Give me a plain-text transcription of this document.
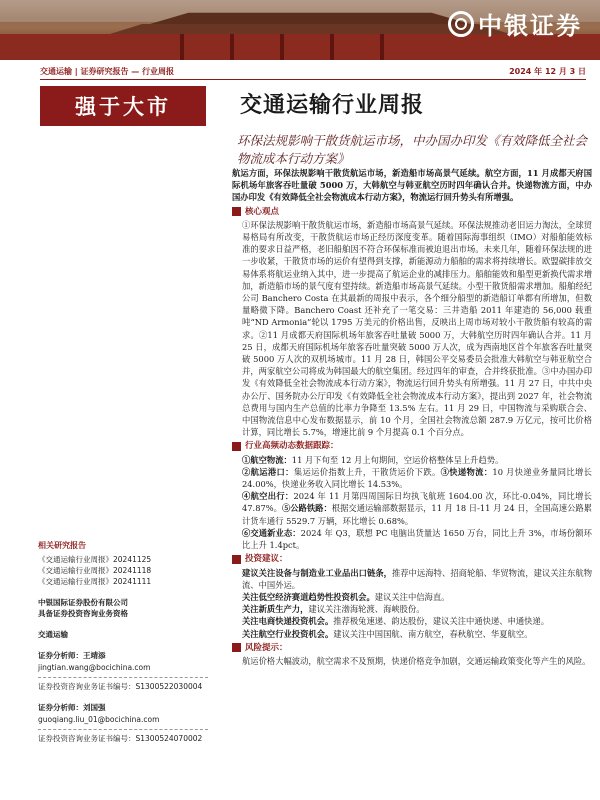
中银证券
交通运输 | 证券研究报告 — 行业周报	2024 年 12 月 3 日
强于大市	交通运输行业周报
环保法规影响干散货航运市场，中办国办印发《有效降低全社会物流成本行动方案》
相关研究报告
《交通运输行业周报》20241125
《交通运输行业周报》20241118
《交通运输行业周报》20241111
中银国际证券股份有限公司
具备证券投资咨询业务资格
交通运输
证券分析师：王靖添
jingtian.wang@bocichina.com
证券投资咨询业务证书编号：S1300522030004
证券分析师：刘国强
guoqiang.liu_01@bocichina.com
证券投资咨询业务证书编号：S1300524070002

航运方面，环保法规影响干散货航运市场，新造船市场高景气延续。航空方面，11 月成都天府国际机场年旅客吞吐量破 5000 万，大韩航空与韩亚航空历时四年确认合并。快递物流方面，中办国办印发《有效降低全社会物流成本行动方案》，物流运行回升势头有所增强。

核心观点

①环保法规影响干散货航运市场，新造船市场高景气延续。环保法规推动老旧运力淘汰，全球贸易格局有所改变，干散货航运市场正经历深度变革。随着国际海事组织（IMO）对船舶能效标准的要求日益严格，老旧船舶因不符合环保标准而被迫退出市场。未来几年，随着环保法规的进一步收紧，干散货市场的运价有望得到支撑，新能源动力船舶的需求将持续增长。欧盟碳排放交易体系将航运业纳入其中，进一步提高了航运企业的减排压力。船舶能效和船型更新换代需求增加，新造船市场的景气度有望持续。新造船市场高景气延续。小型干散货船需求增加。船舶经纪公司 Banchero Costa 在其最新的周报中表示，各个细分船型的新造船订单都有所增加，但数量略微下降。Banchero Coast 还补充了一笔交易：三井造船 2011 年建造的 56,000 载重吨“ND Armonia”轮以 1795 万美元的价格出售，反映出上周市场对较小干散货船有较高的需求。②11 月成都天府国际机场年旅客吞吐量破 5000 万，大韩航空历时四年确认合并。11 月 25 日，成都天府国际机场年旅客吞吐量突破 5000 万人次，成为西南地区首个年旅客吞吐量突破 5000 万人次的双机场城市。11 月 28 日，韩国公平交易委员会批准大韩航空与韩亚航空合并，两家航空公司将成为韩国最大的航空集团。经过四年的审查，合并终获批准。③中办国办印发《有效降低全社会物流成本行动方案》，物流运行回升势头有所增强。11 月 27 日，中共中央办公厅、国务院办公厅印发《有效降低全社会物流成本行动方案》，提出到 2027 年，社会物流总费用与国内生产总值的比率力争降至 13.5% 左右。11 月 29 日，中国物流与采购联合会、中国物流信息中心发布数据显示，前 10 个月，全国社会物流总额 287.9 万亿元，按可比价格计算，同比增长 5.7%，增速比前 9 个月提高 0.1 个百分点。

行业高频动态数据跟踪：

①航空物流：11 月下旬至 12 月上旬期间，空运价格整体呈上升趋势。

②航运港口：集运运价指数上升，干散货运价下跌。③快递物流：10 月快递业务量同比增长 24.00%，快递业务收入同比增长 14.53%。

④航空出行：2024 年 11 月第四周国际日均执飞航班 1604.00 次，环比-0.04%，同比增长 47.87%。⑤公路铁路：根据交通运输部数据显示，11 月 18 日-11 月 24 日，全国高速公路累计货车通行 5529.7 万辆，环比增长 0.68%。

⑥交通新业态：2024 年 Q3，联想 PC 电脑出货量达 1650 万台，同比上升 3%，市场份额环比上升 1.4pct。

投资建议：

建议关注设备与制造业工业品出口链条，推荐中远海特、招商轮船、华贸物流，建议关注东航物流、中国外运。

关注低空经济赛道趋势性投资机会。建议关注中信海直。

关注新质生产力，建议关注渤海轮渡、海峡股份。

关注电商快递投资机会。推荐极兔速递、韵达股份，建议关注中通快递、申通快递。

关注航空行业投资机会。建议关注中国国航、南方航空，春秋航空、华夏航空。

风险提示：

航运价格大幅波动，航空需求不及预期，快递价格竞争加剧，交通运输政策变化等产生的风险。
